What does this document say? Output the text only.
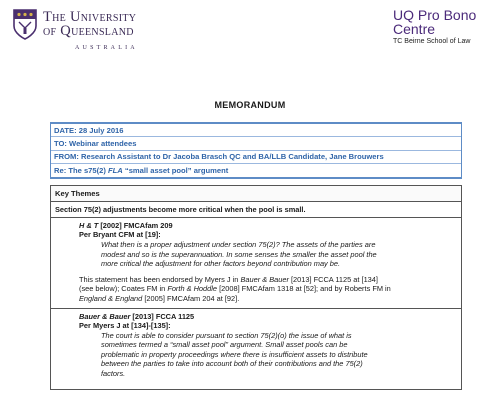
The University
of Queensland
AUSTRALIA
UQ Pro Bono
Centre
TC Beirne School of Law
MEMORANDUM
DATE: 28 July 2016
TO: Webinar attendees
FROM: Research Assistant to Dr Jacoba Brasch QC and BA/LLB Candidate, Jane Brouwers
Re: The s75(2) FLA “small asset pool” argument
Key Themes
Section 75(2) adjustments become more critical when the pool is small.
H & T [2002] FMCAfam 209
Per Bryant CFM at [19]:
What then is a proper adjustment under section 75(2)? The assets of the parties are
modest and so is the superannuation. In some senses the smaller the asset pool the
more critical the adjustment for other factors beyond contribution may be.
This statement has been endorsed by Myers J in Bauer & Bauer [2013] FCCA 1125 at [134]
(see below); Coates FM in Forth & Hoddle [2008] FMCAfam 1318 at [52]; and by Roberts FM in
England & England [2005] FMCAfam 204 at [92].
Bauer & Bauer [2013] FCCA 1125
Per Myers J at [134]-[135]:
The court is able to consider pursuant to section 75(2)(o) the issue of what is
sometimes termed a “small asset pool” argument. Small asset pools can be
problematic in property proceedings where there is insufficient assets to distribute
between the parties to take into account both of their contributions and the 75(2)
factors.
